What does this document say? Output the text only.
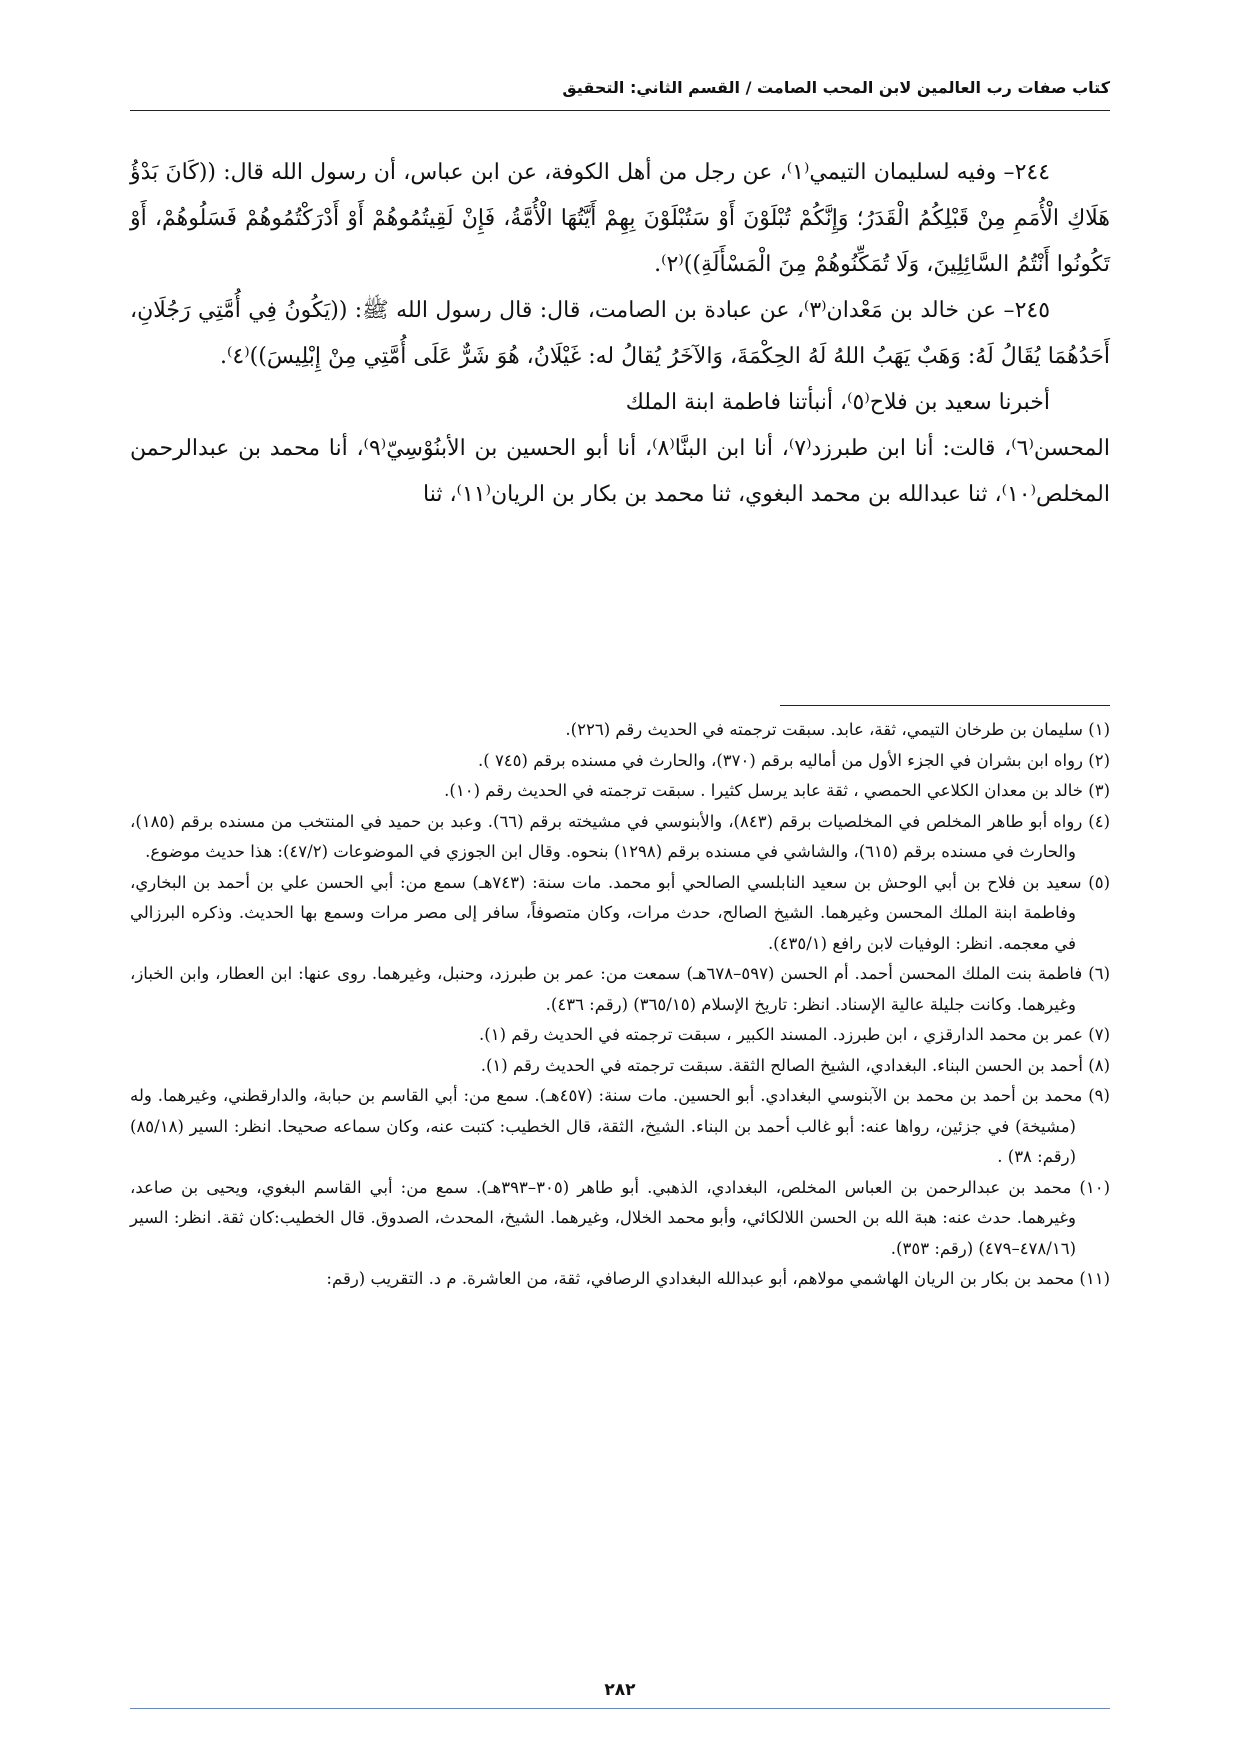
كتاب صفات رب العالمين لابن المحب الصامت / القسم الثاني: التحقيق

٢٤٤– وفيه لسليمان التيمي⁽١⁾، عن رجل من أهل الكوفة، عن ابن عباس، أن رسول الله قال: ((كَانَ بَدْؤُ هَلَاكِ الْأُمَمِ مِنْ قَبْلِكُمُ الْقَدَرُ؛ وَإِنَّكُمْ تُبْلَوْنَ أَوْ سَتُبْلَوْنَ بِهِمْ أَيَّتُهَا الْأُمَّةُ، فَإِنْ لَقِيتُمُوهُمْ أَوْ أَدْرَكْتُمُوهُمْ فَسَلُوهُمْ، أَوْ تَكُونُوا أَنْتُمُ السَّائِلِينَ، وَلَا تُمَكِّنُوهُمْ مِنَ الْمَسْأَلَةِ))⁽٢⁾.

٢٤٥– عن خالد بن مَعْدان⁽٣⁾، عن عبادة بن الصامت، قال: قال رسول الله ﷺ: ((يَكُونُ فِي أُمَّتِي رَجُلَانِ، أَحَدُهُمَا يُقَالُ لَهُ: وَهَبٌ يَهَبُ اللهُ لَهُ الحِكْمَةَ، وَالآخَرُ يُقالُ له: غَيْلَانُ، هُوَ شَرٌّ عَلَى أُمَّتِي مِنْ إِبْلِيسَ))⁽٤⁾.

أخبرنا سعيد بن فلاح⁽٥⁾، أنبأتنا فاطمة ابنة الملك

المحسن⁽٦⁾، قالت: أنا ابن طبرزد⁽٧⁾، أنا ابن البنَّا⁽٨⁾، أنا أبو الحسين بن الأبنُوْسِيّ⁽٩⁾، أنا محمد بن عبدالرحمن المخلص⁽١٠⁾، ثنا عبدالله بن محمد البغوي، ثنا محمد بن بكار بن الريان⁽١١⁾، ثنا

(١) سليمان بن طرخان التيمي، ثقة، عابد. سبقت ترجمته في الحديث رقم (٢٢٦).

(٢) رواه ابن بشران في الجزء الأول من أماليه برقم (٣٧٠)، والحارث في مسنده برقم (٧٤٥ ).

(٣) خالد بن معدان الكلاعي الحمصي ، ثقة عابد يرسل كثيرا . سبقت ترجمته في الحديث رقم (١٠).

(٤) رواه أبو طاهر المخلص في المخلصيات برقم (٨٤٣)، والأبنوسي في مشيخته برقم (٦٦). وعبد بن حميد في المنتخب من مسنده برقم (١٨٥)، والحارث في مسنده برقم (٦١٥)، والشاشي في مسنده برقم (١٢٩٨) بنحوه. وقال ابن الجوزي في الموضوعات (٤٧/٢): هذا حديث موضوع.

(٥) سعيد بن فلاح بن أبي الوحش بن سعيد النابلسي الصالحي أبو محمد. مات سنة: (٧٤٣هـ) سمع من: أبي الحسن علي بن أحمد بن البخاري، وفاطمة ابنة الملك المحسن وغيرهما. الشيخ الصالح، حدث مرات، وكان متصوفاً، سافر إلى مصر مرات وسمع بها الحديث. وذكره البرزالي في معجمه. انظر: الوفيات لابن رافع (٤٣٥/١).

(٦) فاطمة بنت الملك المحسن أحمد. أم الحسن (٥٩٧–٦٧٨هـ) سمعت من: عمر بن طبرزد، وحنبل، وغيرهما. روى عنها: ابن العطار، وابن الخباز، وغيرهما. وكانت جليلة عالية الإسناد. انظر: تاريخ الإسلام (٣٦٥/١٥) (رقم: ٤٣٦).

(٧) عمر بن محمد الدارقزي ، ابن طبرزد. المسند الكبير ، سبقت ترجمته في الحديث رقم (١).

(٨) أحمد بن الحسن البناء. البغدادي، الشيخ الصالح الثقة. سبقت ترجمته في الحديث رقم (١).

(٩) محمد بن أحمد بن محمد بن الآبنوسي البغدادي. أبو الحسين. مات سنة: (٤٥٧هـ). سمع من: أبي القاسم بن حبابة، والدارقطني، وغيرهما. وله (مشيخة) في جزئين، رواها عنه: أبو غالب أحمد بن البناء. الشيخ، الثقة، قال الخطيب: كتبت عنه، وكان سماعه صحيحا. انظر: السير (٨٥/١٨) (رقم: ٣٨) .

(١٠) محمد بن عبدالرحمن بن العباس المخلص، البغدادي، الذهبي. أبو طاهر (٣٠٥–٣٩٣هـ). سمع من: أبي القاسم البغوي، ويحيى بن صاعد، وغيرهما. حدث عنه: هبة الله بن الحسن اللالكائي، وأبو محمد الخلال، وغيرهما. الشيخ، المحدث، الصدوق. قال الخطيب:كان ثقة. انظر: السير (٤٧٨/١٦–٤٧٩) (رقم: ٣٥٣).

(١١) محمد بن بكار بن الريان الهاشمي مولاهم، أبو عبدالله البغدادي الرصافي، ثقة، من العاشرة. م د. التقريب (رقم:

٢٨٢
